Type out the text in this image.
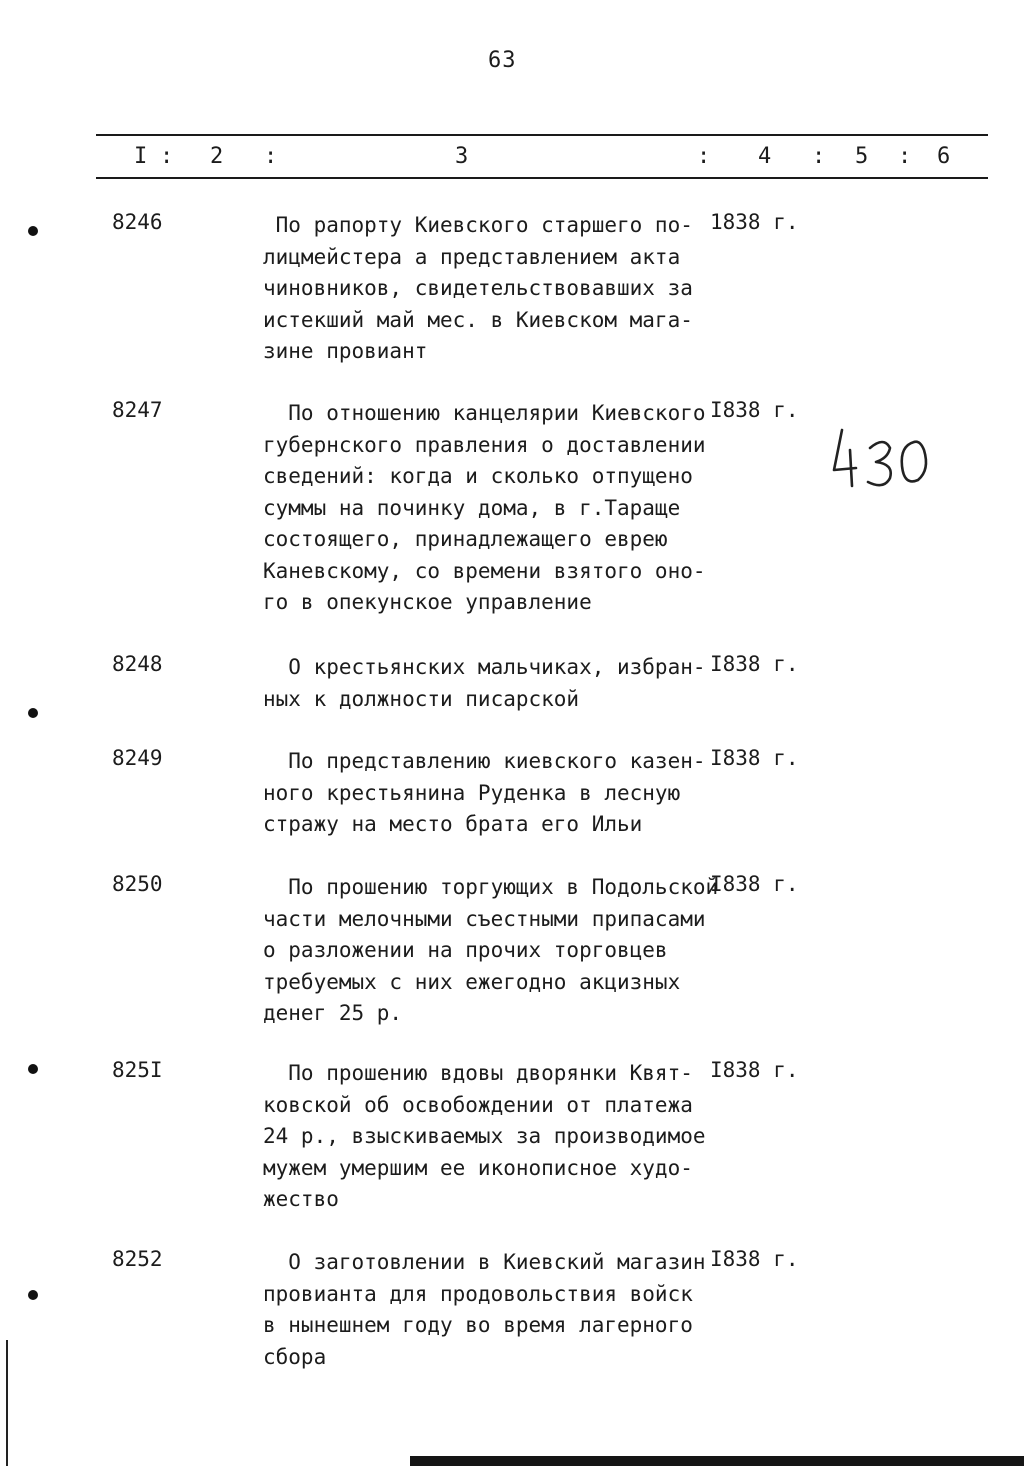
63
I : 2 :	3	: 4 : 5 : 6
8246	По рапорту Киевского старшего по-
лицмейстера а представлением акта
чиновников, свидетельствовавших за
истекший май мес. в Киевском мага-
зине провиант
1838 г.
8247	По отношению канцелярии Киевского
губернского правления о доставлении
сведений: когда и сколько отпущено
суммы на починку дома, в г.Таращe
состоящего, принадлежащего еврею
Каневскому, со времени взятого оно-
го в опекунское управление
I838 г.
8248	О крестьянских мальчиках, избран-
ных к должности писарской
I838 г.
8249	По представлению киевского казен-
ного крестьянина Руденка в лесную
стражу на место брата его Ильи
I838 г.
8250	По прошению торгующих в Подольской
части мелочными съестными припасами
о разложении на прочих торговцев
требуемых с них ежегодно акцизных
денег 25 р.
I838 г.
825I	По прошению вдовы дворянки Квят-
ковской об освобождении от платежа
24 р., взыскиваемых за производимое
мужем умершим ее иконописное худо-
жество
I838 г.
8252	О заготовлении в Киевский магазин
провианта для продовольствия войск
в нынешнем году во время лагерного
сбора
I838 г.
